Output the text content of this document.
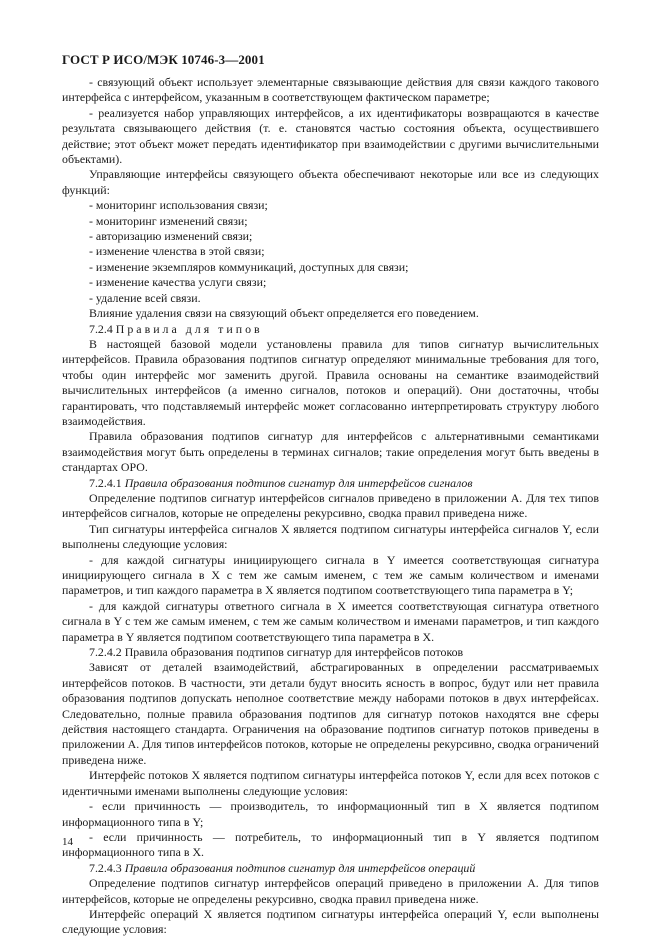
ГОСТ Р ИСО/МЭК 10746-3—2001

- связующий объект использует элементарные связывающие действия для связи каждого такового интерфейса с интерфейсом, указанным в соответствующем фактическом параметре;

- реализуется набор управляющих интерфейсов, а их идентификаторы возвращаются в качестве результата связывающего действия (т. е. становятся частью состояния объекта, осуществившего действие; этот объект может передать идентификатор при взаимодействии с другими вычислительными объектами).

Управляющие интерфейсы связующего объекта обеспечивают некоторые или все из следующих функций:

- мониторинг использования связи;

- мониторинг изменений связи;

- авторизацию изменений связи;

- изменение членства в этой связи;

- изменение экземпляров коммуникаций, доступных для связи;

- изменение качества услуги связи;

- удаление всей связи.

Влияние удаления связи на связующий объект определяется его поведением.

7.2.4 Правила для типов

В настоящей базовой модели установлены правила для типов сигнатур вычислительных интерфейсов. Правила образования подтипов сигнатур определяют минимальные требования для того, чтобы один интерфейс мог заменить другой. Правила основаны на семантике взаимодействий вычислительных интерфейсов (а именно сигналов, потоков и операций). Они достаточны, чтобы гарантировать, что подставляемый интерфейс может согласованно интерпретировать структуру любого взаимодействия.

Правила образования подтипов сигнатур для интерфейсов с альтернативными семантиками взаимодействия могут быть определены в терминах сигналов; такие определения могут быть введены в стандартах ОРО.

7.2.4.1 Правила образования подтипов сигнатур для интерфейсов сигналов

Определение подтипов сигнатур интерфейсов сигналов приведено в приложении А. Для тех типов интерфейсов сигналов, которые не определены рекурсивно, сводка правил приведена ниже.

Тип сигнатуры интерфейса сигналов X является подтипом сигнатуры интерфейса сигналов Y, если выполнены следующие условия:

- для каждой сигнатуры инициирующего сигнала в Y имеется соответствующая сигнатура инициирующего сигнала в X с тем же самым именем, с тем же самым количеством и именами параметров, и тип каждого параметра в X является подтипом соответствующего типа параметра в Y;

- для каждой сигнатуры ответного сигнала в X имеется соответствующая сигнатура ответного сигнала в Y с тем же самым именем, с тем же самым количеством и именами параметров, и тип каждого параметра в Y является подтипом соответствующего типа параметра в X.

7.2.4.2 Правила образования подтипов сигнатур для интерфейсов потоков

Зависят от деталей взаимодействий, абстрагированных в определении рассматриваемых интерфейсов потоков. В частности, эти детали будут вносить ясность в вопрос, будут или нет правила образования подтипов допускать неполное соответствие между наборами потоков в двух интерфейсах. Следовательно, полные правила образования подтипов для сигнатур потоков находятся вне сферы действия настоящего стандарта. Ограничения на образование подтипов сигнатур потоков приведены в приложении А. Для типов интерфейсов потоков, которые не определены рекурсивно, сводка ограничений приведена ниже.

Интерфейс потоков X является подтипом сигнатуры интерфейса потоков Y, если для всех потоков с идентичными именами выполнены следующие условия:

- если причинность — производитель, то информационный тип в X является подтипом информационного типа в Y;

- если причинность — потребитель, то информационный тип в Y является подтипом информационного типа в X.

7.2.4.3 Правила образования подтипов сигнатур для интерфейсов операций

Определение подтипов сигнатур интерфейсов операций приведено в приложении А. Для типов интерфейсов, которые не определены рекурсивно, сводка правил приведена ниже.

Интерфейс операций X является подтипом сигнатуры интерфейса операций Y, если выполнены следующие условия:

14
